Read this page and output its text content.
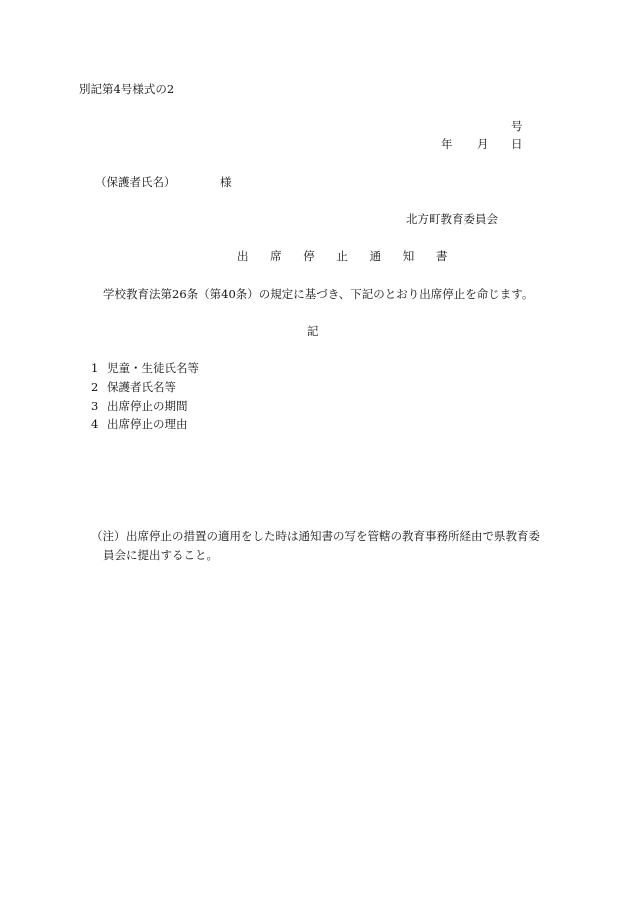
別記第4号様式の2
号
年 月 日
（保護者氏名）	様
北方町教育委員会
出 席 停 止 通 知 書
学校教育法第26条（第40条）の規定に基づき、下記のとおり出席停止を命じます。
記
1 児童・生徒氏名等
2 保護者氏名等
3 出席停止の期間
4 出席停止の理由
（注） 出席停止の措置の適用をした時は通知書の写を管轄の教育事務所経由で県教育委
員会に提出すること。
